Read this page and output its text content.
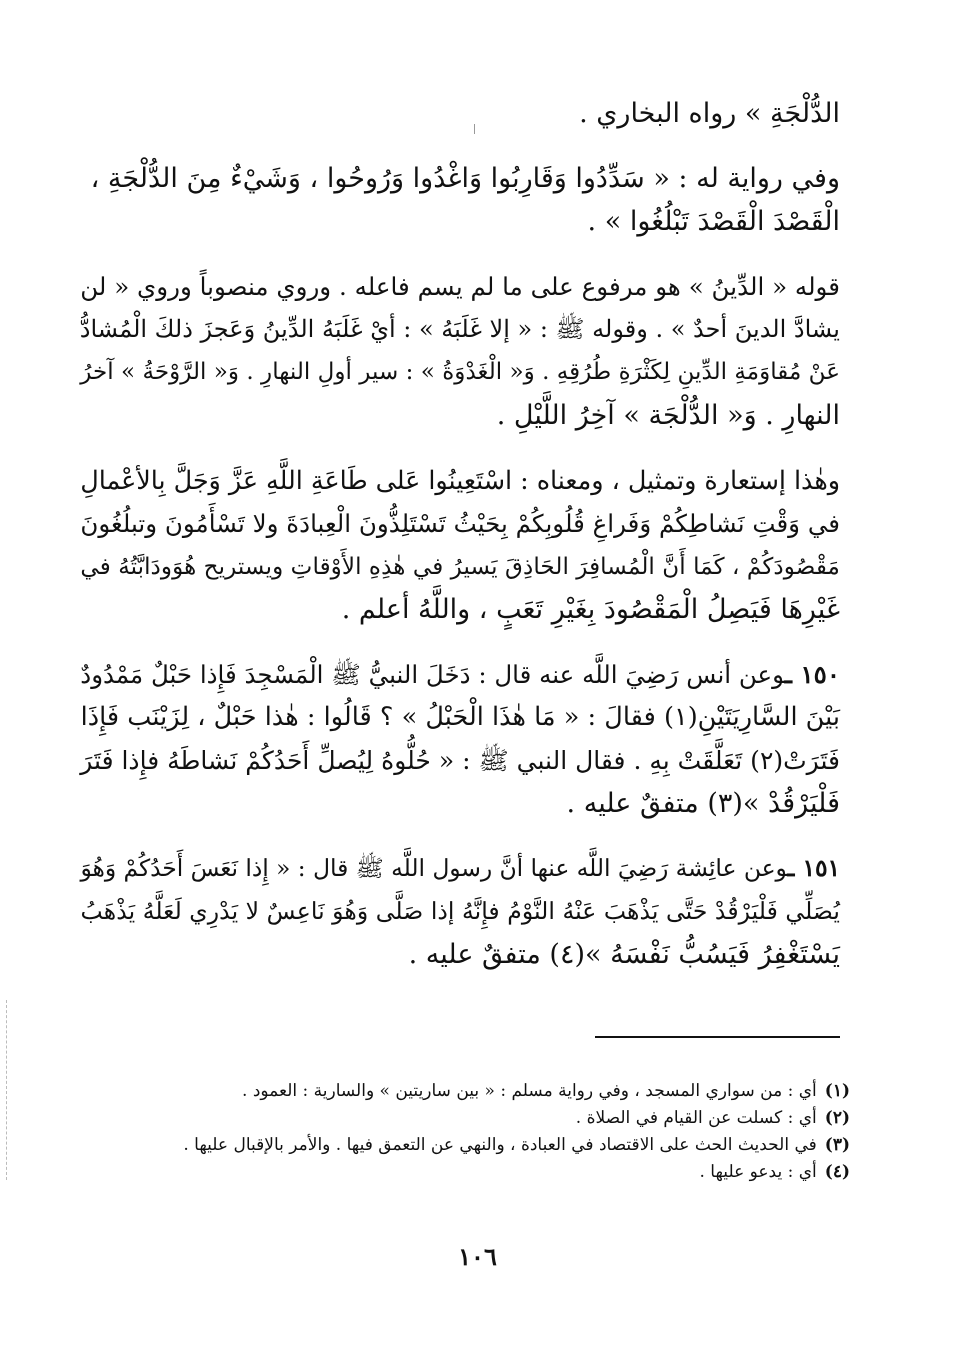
الدُّلْجَةِ » رواه البخاري .
وفي رواية له : « سَدِّدُوا وَقَارِبُوا وَاغْدُوا وَرُوحُوا ، وَشَيْءٌ مِنَ الدُّلْجَةِ ،
الْقَصْدَ الْقَصْدَ تَبْلُغُوا » .
قوله « الدِّينُ » هو مرفوع على ما لم يسم فاعله . وروي منصوباً وروي « لن
يشادَّ الدينَ أحدٌ » . وقوله ﷺ : « إلا غَلَبَهُ » : أيْ غَلَبَهُ الدِّينُ وَعَجزَ ذلكَ الْمُشادُّ
عَنْ مُقاوَمَةِ الدِّينِ لِكَثْرَةِ طُرُقِهِ . وَ« الْغَدْوَةُ » : سير أولِ النهارِ . وَ« الرَّوْحَةُ » آخرُ
النهارِ . وَ« الدُّلْجَة » آخِرُ اللَّيْلِ .
وهٰذا إستعارة وتمثيل ، ومعناه : اسْتَعِينُوا عَلى طَاعَةِ اللَّهِ عَزَّ وَجَلَّ بِالأعْمالِ
في وَقْتِ نَشاطِكُمْ وَفَراغِ قُلُوبِكُمْ بِحَيْثُ تَسْتَلِذُّونَ الْعِبادَةَ ولا تَسْأَمُونَ وتبلُغُونَ
مَقْصُودَكُمْ ، كَمَا أَنَّ الْمُسافِرَ الحَاذِقَ يَسيرُ في هٰذِهِ الأَوْقاتِ ويستريح هُوَودَابَّتُهُ في
غَيْرِهَا فَيَصِلُ الْمَقْصُودَ بِغَيْرِ تَعَبٍ ، واللَّهُ أعلم .
١٥٠ ـوعن أنس رَضِيَ اللَّه عنه قال : دَخَلَ النبيُّ ﷺ الْمَسْجِدَ فَإِذا حَبْلٌ مَمْدُودٌ
بَيْنَ السَّارِيَتَيْنِ(١) فقالَ : « مَا هٰذَا الْحَبْلُ » ؟ قَالُوا : هٰذا حَبْلٌ ، لِزَيْنَب فَإِذَا
فَتَرَتْ(٢) تَعَلَّقَتْ بِهِ . فقال النبي ﷺ : « حُلُّوهُ لِيُصلِّ أَحَدُكُمْ نَشاطَهُ فإِذا فَتَرَ
فَلْيَرْقُدْ »(٣) متفقٌ عليه .
١٥١ ـوعن عائِشة رَضِيَ اللَّه عنها أنَّ رسول اللَّه ﷺ قال : « إِذا نَعَسَ أَحَدُكُمْ وَهُوَ
يُصَلِّي فَلْيَرْقُدْ حَتَّى يَذْهَبَ عَنْهُ النَّوْمُ فإِنَّهُ إذا صَلَّى وَهُوَ نَاعِسٌ لا يَدْرِي لَعَلَّهُ يَذْهَبُ
يَسْتَغْفِرُ فَيَسُبُّ نَفْسَهُ »(٤) متفقٌ عليه .
(١)أي : من سواري المسجد ، وفي رواية مسلم : « بين ساريتين » والسارية : العمود .
(٢)أي : كسلت عن القيام في الصلاة .
(٣)في الحديث الحث على الاقتصاد في العبادة ، والنهي عن التعمق فيها . والأمر بالإقبال عليها .
(٤)أي : يدعو عليها .
١٠٦
